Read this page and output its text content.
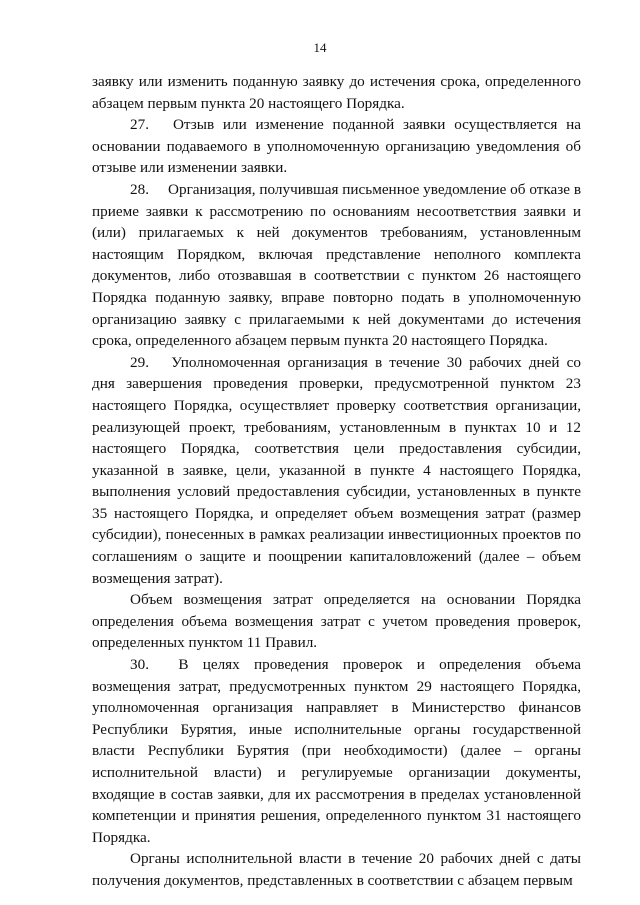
14

заявку или изменить поданную заявку до истечения срока, определенного абзацем первым пункта 20 настоящего Порядка.

27.  Отзыв или изменение поданной заявки осуществляется на основании подаваемого в уполномоченную организацию уведомления об отзыве или изменении заявки.

28.  Организация, получившая письменное уведомление об отказе в приеме заявки к рассмотрению по основаниям несоответствия заявки и (или) прилагаемых к ней документов требованиям, установленным настоящим Порядком, включая представление неполного комплекта документов, либо отозвавшая в соответствии с пунктом 26 настоящего Порядка поданную заявку, вправе повторно подать в уполномоченную организацию заявку с прилагаемыми к ней документами до истечения срока, определенного абзацем первым пункта 20 настоящего Порядка.

29.  Уполномоченная организация в течение 30 рабочих дней со дня завершения проведения проверки, предусмотренной пунктом 23 настоящего Порядка, осуществляет проверку соответствия организации, реализующей проект, требованиям, установленным в пунктах 10 и 12 настоящего Порядка, соответствия цели предоставления субсидии, указанной в заявке, цели, указанной в пункте 4 настоящего Порядка, выполнения условий предоставления субсидии, установленных в пункте 35 настоящего Порядка, и определяет объем возмещения затрат (размер субсидии), понесенных в рамках реализации инвестиционных проектов по соглашениям о защите и поощрении капиталовложений (далее – объем возмещения затрат).

Объем возмещения затрат определяется на основании Порядка определения объема возмещения затрат с учетом проведения проверок, определенных пунктом 11 Правил.

30.  В целях проведения проверок и определения объема возмещения затрат, предусмотренных пунктом 29 настоящего Порядка, уполномоченная организация направляет в Министерство финансов Республики Бурятия, иные исполнительные органы государственной власти Республики Бурятия (при необходимости) (далее – органы исполнительной власти) и регулируемые организации документы, входящие в состав заявки, для их рассмотрения в пределах установленной компетенции и принятия решения, определенного пунктом 31 настоящего Порядка.

Органы исполнительной власти в течение 20 рабочих дней с даты получения документов, представленных в соответствии с абзацем первым
